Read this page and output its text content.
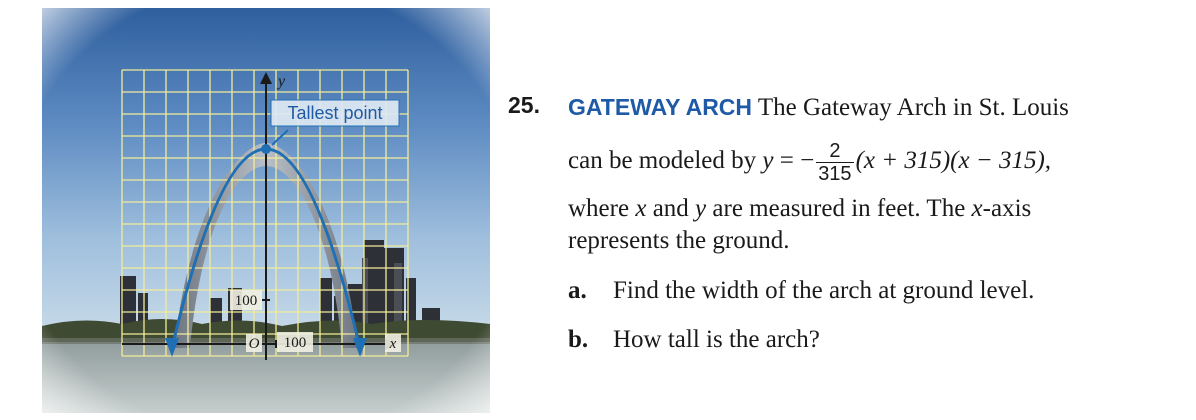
25. GATEWAY ARCH The Gateway Arch in St. Louis
can be modeled by y = − $\frac{2}{315} (x + 315)(x - 315)$,
where x and y are measured in feet. The x-axis
represents the ground.
a. Find the width of the arch at ground level.
b. How tall is the arch?
